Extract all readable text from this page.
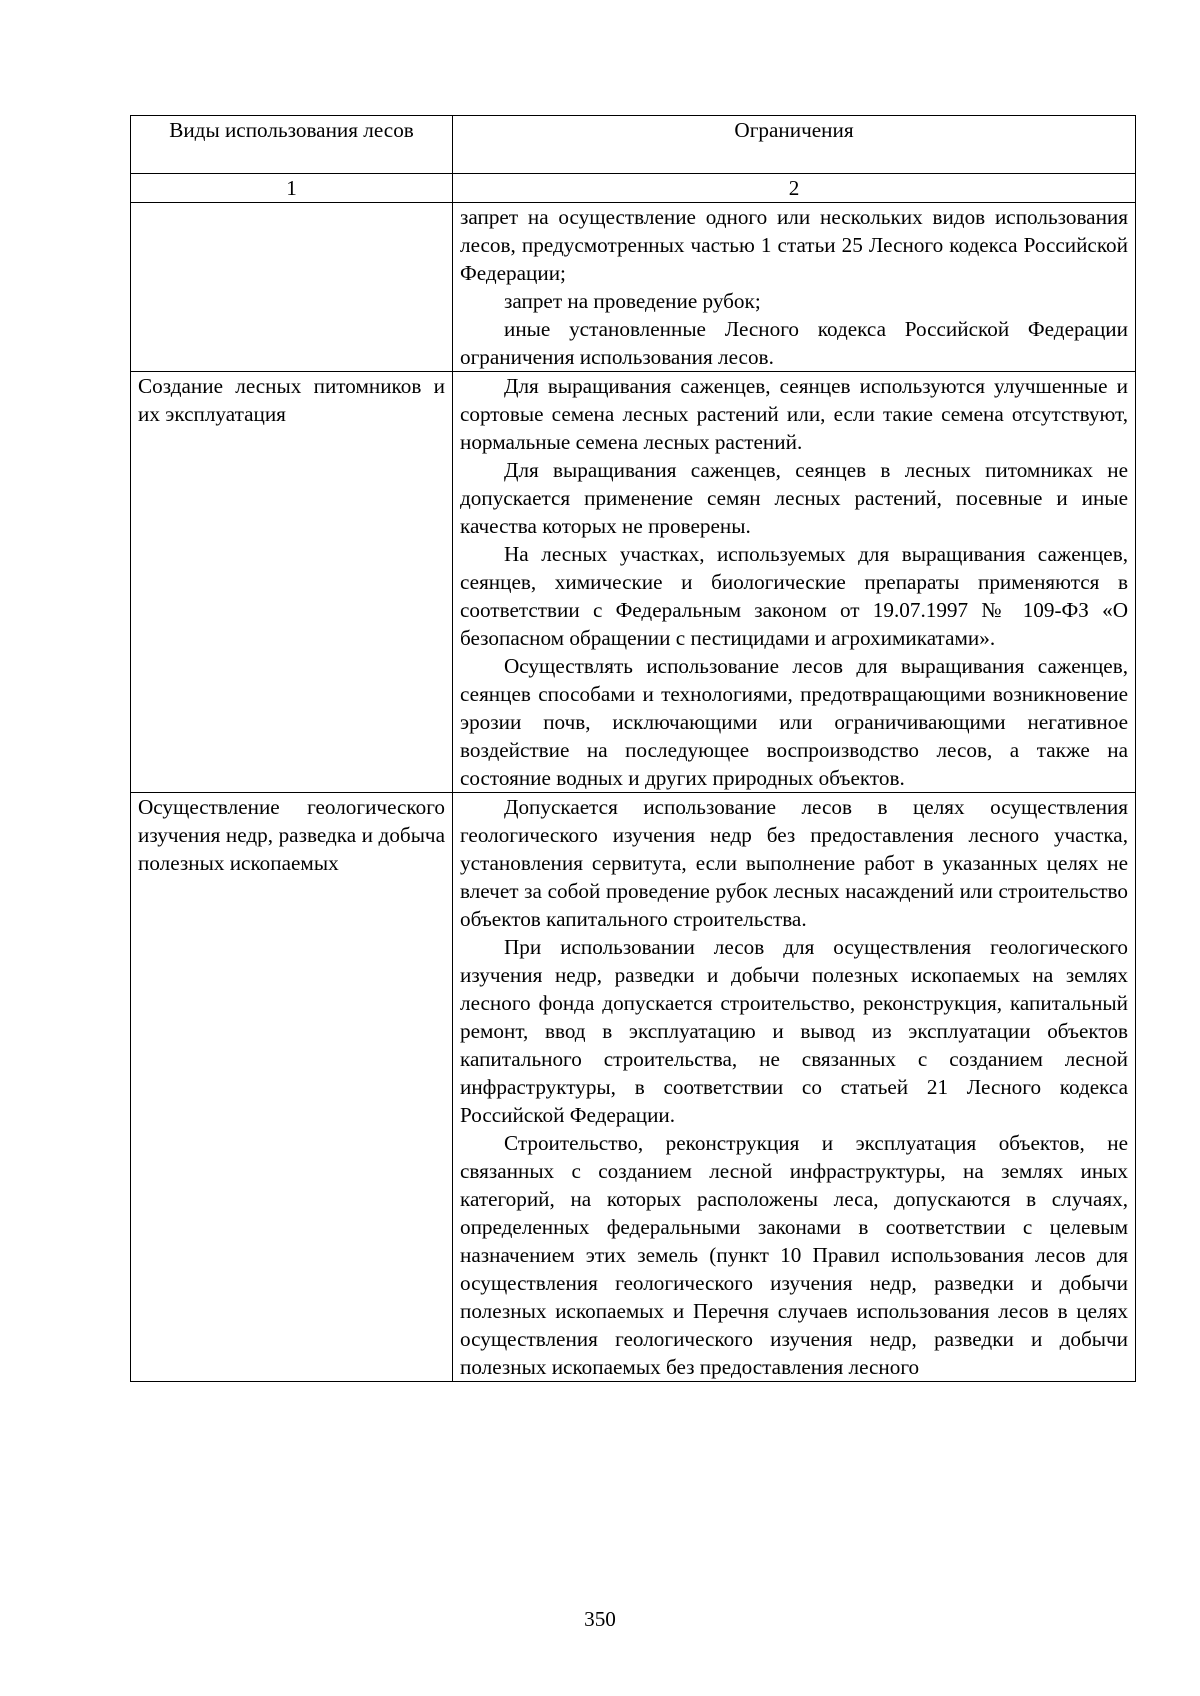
Виды использования лесов	Ограничения
1	2

	запрет на осуществление одного или нескольких видов использования лесов, предусмотренных частью 1 статьи 25 Лесного кодекса Российской Федерации;

запрет на проведение рубок;

иные установленные Лесного кодекса Российской Федерации ограничения использования лесов.

Создание лесных питомников и их эксплуатация	Для выращивания саженцев, сеянцев используются улучшенные и сортовые семена лесных растений или, если такие семена отсутствуют, нормальные семена лесных растений.

Для выращивания саженцев, сеянцев в лесных питомниках не допускается применение семян лесных растений, посевные и иные качества которых не проверены.

На лесных участках, используемых для выращивания саженцев, сеянцев, химические и биологические препараты применяются в соответствии с Федеральным законом от 19.07.1997 № 109-ФЗ «О безопасном обращении с пестицидами и агрохимикатами».

Осуществлять использование лесов для выращивания саженцев, сеянцев способами и технологиями, предотвращающими возникновение эрозии почв, исключающими или ограничивающими негативное воздействие на последующее воспроизводство лесов, а также на состояние водных и других природных объектов.

Осуществление геологического изучения недр, разведка и добыча полезных ископаемых	Допускается использование лесов в целях осуществления геологического изучения недр без предоставления лесного участка, установления сервитута, если выполнение работ в указанных целях не влечет за собой проведение рубок лесных насаждений или строительство объектов капитального строительства.

При использовании лесов для осуществления геологического изучения недр, разведки и добычи полезных ископаемых на землях лесного фонда допускается строительство, реконструкция, капитальный ремонт, ввод в эксплуатацию и вывод из эксплуатации объектов капитального строительства, не связанных с созданием лесной инфраструктуры, в соответствии со статьей 21 Лесного кодекса Российской Федерации.

Строительство, реконструкция и эксплуатация объектов, не связанных с созданием лесной инфраструктуры, на землях иных категорий, на которых расположены леса, допускаются в случаях, определенных федеральными законами в соответствии с целевым назначением этих земель (пункт 10 Правил использования лесов для осуществления геологического изучения недр, разведки и добычи полезных ископаемых и Перечня случаев использования лесов в целях осуществления геологического изучения недр, разведки и добычи полезных ископаемых без предоставления лесного

350
